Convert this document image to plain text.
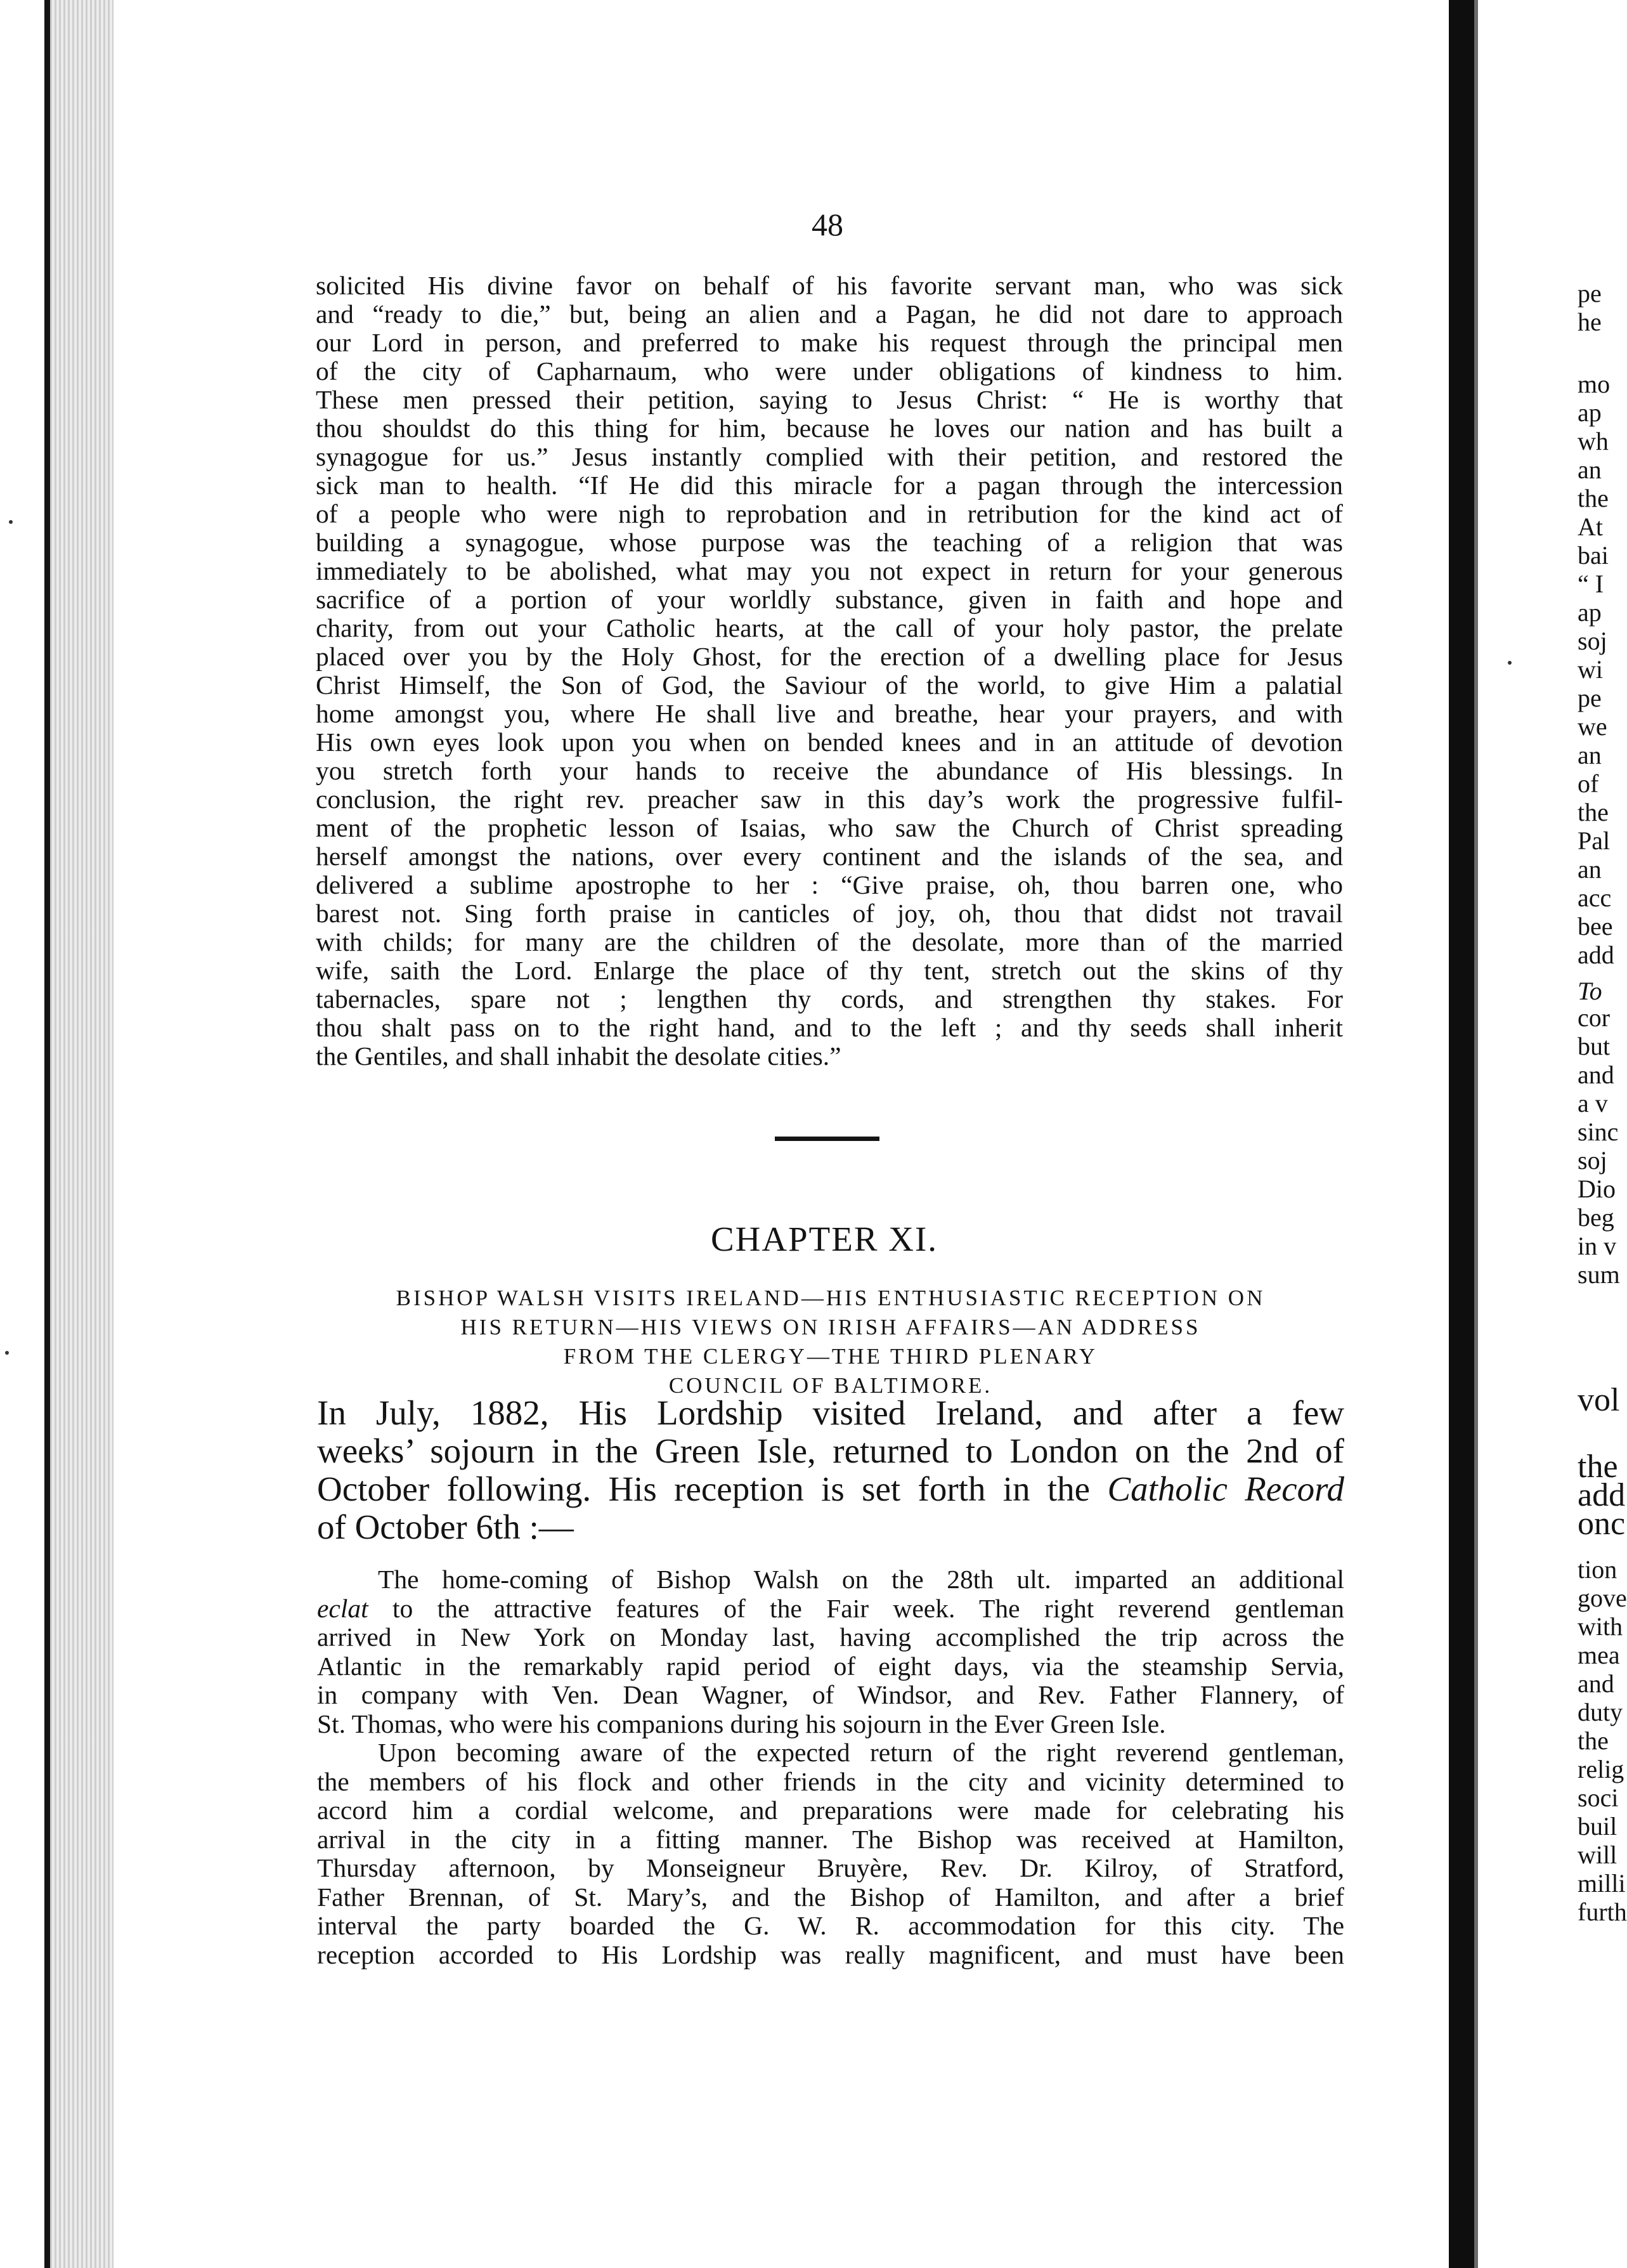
48
solicited His divine favor on behalf of his favorite servant man, who was sick
and “ready to die,” but, being an alien and a Pagan, he did not dare to approach
our Lord in person, and preferred to make his request through the principal men
of the city of Capharnaum, who were under obligations of kindness to him.
These men pressed their petition, saying to Jesus Christ: “ He is worthy that
thou shouldst do this thing for him, because he loves our nation and has built a
synagogue for us.” Jesus instantly complied with their petition, and restored the
sick man to health. “If He did this miracle for a pagan through the intercession
of a people who were nigh to reprobation and in retribution for the kind act of
building a synagogue, whose purpose was the teaching of a religion that was
immediately to be abolished, what may you not expect in return for your generous
sacrifice of a portion of your worldly substance, given in faith and hope and
charity, from out your Catholic hearts, at the call of your holy pastor, the prelate
placed over you by the Holy Ghost, for the erection of a dwelling place for Jesus
Christ Himself, the Son of God, the Saviour of the world, to give Him a palatial
home amongst you, where He shall live and breathe, hear your prayers, and with
His own eyes look upon you when on bended knees and in an attitude of devotion
you stretch forth your hands to receive the abundance of His blessings. In
conclusion, the right rev. preacher saw in this day’s work the progressive fulfil-
ment of the prophetic lesson of Isaias, who saw the Church of Christ spreading
herself amongst the nations, over every continent and the islands of the sea, and
delivered a sublime apostrophe to her : “Give praise, oh, thou barren one, who
barest not. Sing forth praise in canticles of joy, oh, thou that didst not travail
with childs; for many are the children of the desolate, more than of the married
wife, saith the Lord. Enlarge the place of thy tent, stretch out the skins of thy
tabernacles, spare not ; lengthen thy cords, and strengthen thy stakes. For
thou shalt pass on to the right hand, and to the left ; and thy seeds shall inherit
the Gentiles, and shall inhabit the desolate cities.”
CHAPTER XI.
BISHOP WALSH VISITS IRELAND—HIS ENTHUSIASTIC RECEPTION ON
HIS RETURN—HIS VIEWS ON IRISH AFFAIRS—AN ADDRESS
FROM THE CLERGY—THE THIRD PLENARY
COUNCIL OF BALTIMORE.
In July, 1882, His Lordship visited Ireland, and after a few
weeks’ sojourn in the Green Isle, returned to London on the 2nd of
October following. His reception is set forth in the Catholic Record
of October 6th :—
The home-coming of Bishop Walsh on the 28th ult. imparted an additional
eclat to the attractive features of the Fair week. The right reverend gentleman
arrived in New York on Monday last, having accomplished the trip across the
Atlantic in the remarkably rapid period of eight days, via the steamship Servia,
in company with Ven. Dean Wagner, of Windsor, and Rev. Father Flannery, of
St. Thomas, who were his companions during his sojourn in the Ever Green Isle.
Upon becoming aware of the expected return of the right reverend gentleman,
the members of his flock and other friends in the city and vicinity determined to
accord him a cordial welcome, and preparations were made for celebrating his
arrival in the city in a fitting manner. The Bishop was received at Hamilton,
Thursday afternoon, by Monseigneur Bruyère, Rev. Dr. Kilroy, of Stratford,
Father Brennan, of St. Mary’s, and the Bishop of Hamilton, and after a brief
interval the party boarded the G. W. R. accommodation for this city. The
reception accorded to His Lordship was really magnificent, and must have been
pe
he
mo
ap
wh
an
the
At
bai
“ I
ap
soj
wi
pe
we
an
of
the
Pal
an
acc
bee
add
To
cor
but
and
a v
sinc
soj
Dio
beg
in v
sum
vol
the
add
onc
tion
gove
with
mea
and
duty
the
relig
soci
buil
will
milli
furth
